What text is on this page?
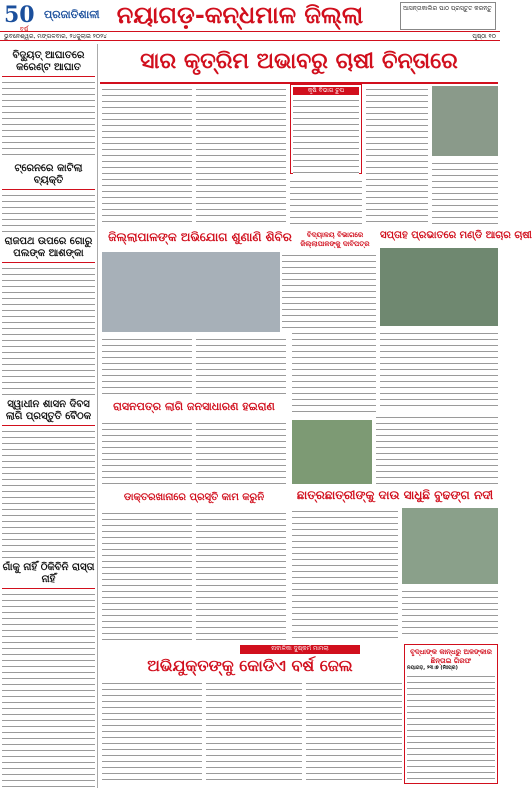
50
ବର୍ଷ
ପ୍ରଜାତିଶାଳୀ ନୟାଗଡ଼-କନ୍ଧମାଳ ଜିଲ୍ଲା	ଆସନ୍ତାକାଲିର ପାଠ ପ୍ରସ୍ତୁତ କରନ୍ତୁ
ଭୁବନେଶ୍ୱର, ମଙ୍ଗଳବାର, ୨୪ଜୁଲାଇ ୨୦୨୪	ପୃଷ୍ଠା ୧୦
ବିଦ୍ୟୁତ୍ ଆଘାତରେ କରେଣ୍ଟ ଆଘାତ
ଟ୍ରେନରେ କାଟିଲା ବ୍ୟକ୍ତି
ରାଜପଥ ଉପରେ ଗୋରୁ ପଲଙ୍କ ଆଶଙ୍କା
ସ୍ୱାଧୀନ ଶାସନ ଦିବସ ଲାଗି ପ୍ରସ୍ତୁତି ବୈଠକ
ଗାଁକୁ ନାହିଁ ଠିକିବିନି ରାସ୍ତା ନାହିଁ
ସାର କୃତ୍ରିମ ଅଭାବରୁ ଚାଷୀ ଚିନ୍ତାରେ
କୃଷି ବିଭାଗ ଚୁପ
ଜିଲ୍ଲାପାଳଙ୍କ ଅଭିଯୋଗ ଶୁଣାଣି ଶିବିର	ବିଦ୍ୟାଳୟ ବିଭାଗରେ ଜିଲ୍ଲାପାଳଙ୍କୁ ଦାବିପତ୍ର
ସପ୍ତାହ ପ୍ରଭାତରେ ମଣ୍ଡି ଆଚାର ଚାଷୀ
ରାସନପତ୍ର ଲାଗି ଜନସାଧାରଣ ହଇରାଣ
ଡାକ୍ତରଖାନାରେ ପ୍ରସୂତି କାମ କରୁନି	ଛାତ୍ରଛାତ୍ରୀଙ୍କୁ ଦାଉ ସାଧୁଛି ବୁଢଙ୍ଗ ନଦୀ
ନାବାଳିକା ଦୁଷ୍କର୍ମ ମାମଲା
ଅଭିଯୁକ୍ତଙ୍କୁ କୋଡିଏ ବର୍ଷ ଜେଲ
ବୃଦ୍ଧାଙ୍କ କାନ୍ଧରୁ ଅଳଙ୍କାର ଛିନ୍ତାଇ ଗିରଫ
ନୟାଗଡ଼, ୨୩।୭ (ନିଃପ୍ର)
